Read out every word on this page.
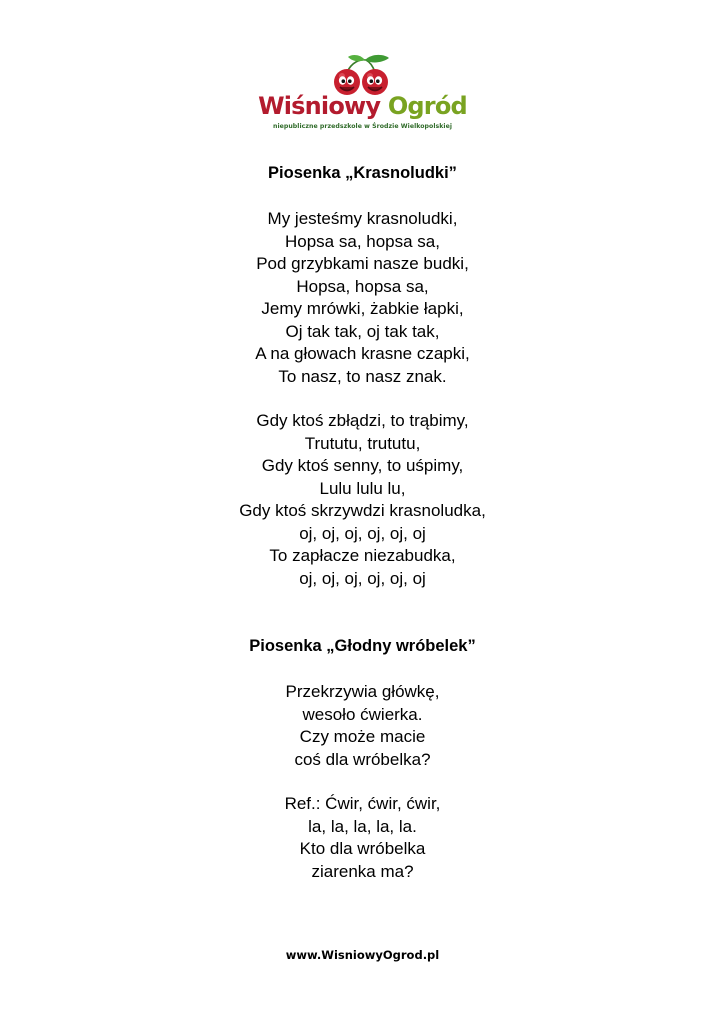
Wiśniowy Ogród
niepubliczne przedszkole w Środzie Wielkopolskiej
Piosenka „Krasnoludki”
My jesteśmy krasnoludki,
Hopsa sa, hopsa sa,
Pod grzybkami nasze budki,
Hopsa, hopsa sa,
Jemy mrówki, żabkie łapki,
Oj tak tak, oj tak tak,
A na głowach krasne czapki,
To nasz, to nasz znak.
Gdy ktoś zbłądzi, to trąbimy,
Trututu, trututu,
Gdy ktoś senny, to uśpimy,
Lulu lulu lu,
Gdy ktoś skrzywdzi krasnoludka,
oj, oj, oj, oj, oj, oj
To zapłacze niezabudka,
oj, oj, oj, oj, oj, oj
Piosenka „Głodny wróbelek”
Przekrzywia główkę,
wesoło ćwierka.
Czy może macie
coś dla wróbelka?
Ref.: Ćwir, ćwir, ćwir,
la, la, la, la, la.
Kto dla wróbelka
ziarenka ma?
www.WisniowyOgrod.pl
